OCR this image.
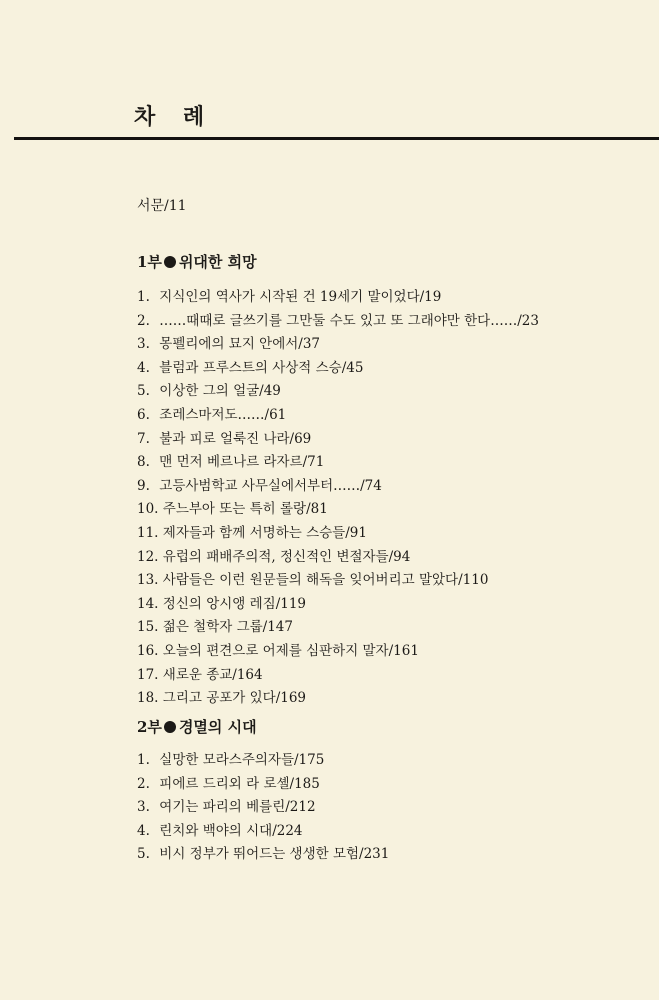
차 례
서문/11
1부 위대한 희망
1. 지식인의 역사가 시작된 건 19세기 말이었다/19
2. ……때때로 글쓰기를 그만둘 수도 있고 또 그래야만 한다……/23
3. 몽펠리에의 묘지 안에서/37
4. 블럼과 프루스트의 사상적 스승/45
5. 이상한 그의 얼굴/49
6. 조레스마저도……/61
7. 불과 피로 얼룩진 나라/69
8. 맨 먼저 베르나르 라자르/71
9. 고등사범학교 사무실에서부터……/74
10. 주느부아 또는 특히 롤랑/81
11. 제자들과 함께 서명하는 스승들/91
12. 유럽의 패배주의적, 정신적인 변절자들/94
13. 사람들은 이런 원문들의 해독을 잊어버리고 말았다/110
14. 정신의 앙시앵 레짐/119
15. 젊은 철학자 그룹/147
16. 오늘의 편견으로 어제를 심판하지 말자/161
17. 새로운 종교/164
18. 그리고 공포가 있다/169
2부 경멸의 시대
1. 실망한 모라스주의자들/175
2. 피에르 드리외 라 로셸/185
3. 여기는 파리의 베를린/212
4. 린치와 백야의 시대/224
5. 비시 정부가 뛰어드는 생생한 모험/231
